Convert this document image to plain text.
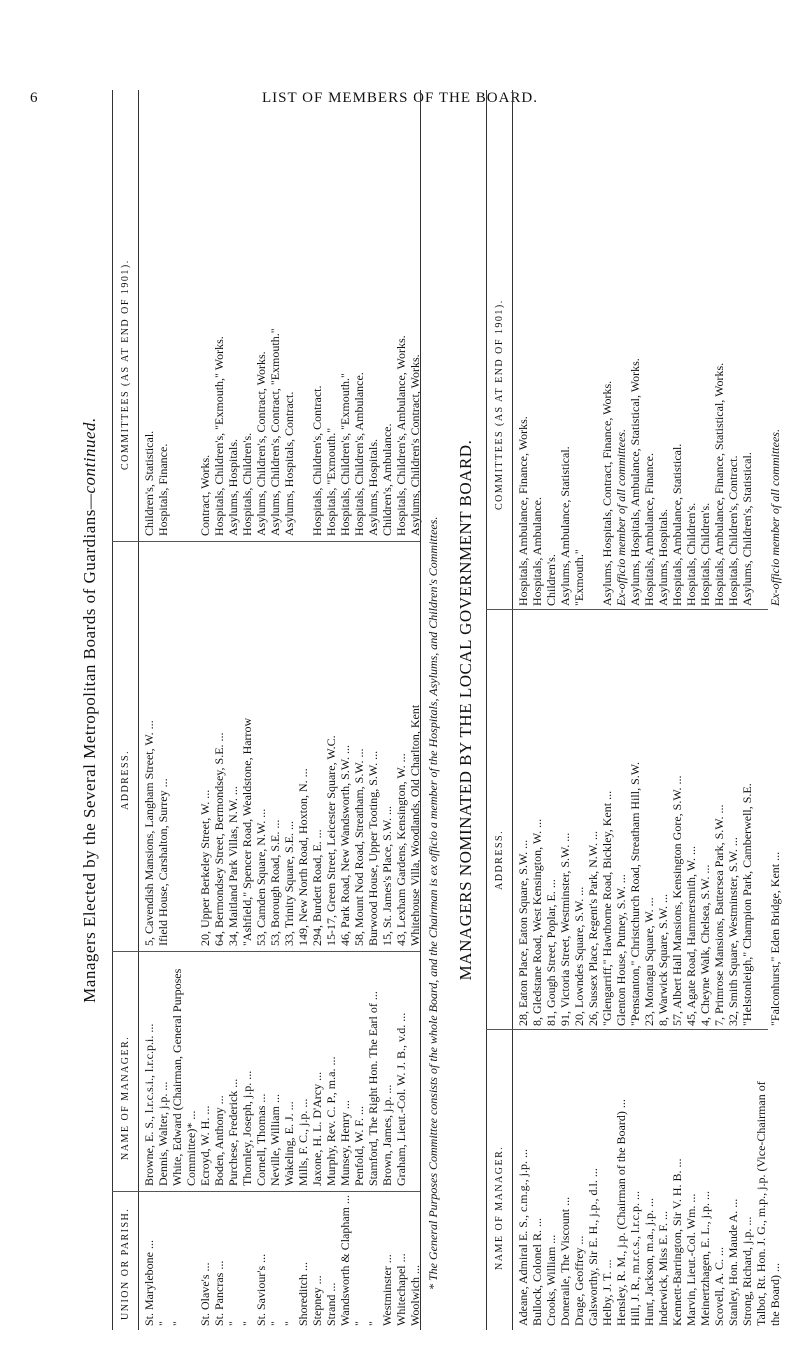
6	LIST OF MEMBERS OF THE BOARD.
Managers Elected by the Several Metropolitan Boards of Guardians—continued.
UNION OR PARISH.
NAME OF MANAGER.
ADDRESS.
COMMITTEES (AS AT END OF 1901).
St. Marylebone ...
Browne, E. S., l.r.c.s.i., l.r.c.p.i. ...
5, Cavendish Mansions, Langham Street, W. ...
Children's, Statistical.
"
Dennis, Walter, j.p. ...
Ifield House, Carshalton, Surrey ...
Hospitals, Finance.
"
White, Edward (Chairman, General Purposes Committee)* ...
St. Olave's ...
Ecroyd, W. H. ...
20, Upper Berkeley Street, W. ...
Contract, Works.
St. Pancras ...
Boden, Anthony ...
64, Bermondsey Street, Bermondsey, S.E. ...
Hospitals, Children's, "Exmouth," Works.
"
Purchese, Frederick ...
34, Maitland Park Villas, N.W. ...
Asylums, Hospitals.
"
Thornley, Joseph, j.p. ...
"Ashfield," Spencer Road, Wealdstone, Harrow
Hospitals, Children's.
St. Saviour's ...
Cornell, Thomas ...
53, Camden Square, N.W. ...
Asylums, Children's, Contract, Works.
"
Neville, William ...
53, Borough Road, S.E. ...
Asylums, Children's, Contract, "Exmouth."
"
Wakeling, E. J. ...
33, Trinity Square, S.E. ...
Asylums, Hospitals, Contract.
Shoreditch ...
Mills, F. C., j.p. ...
149, New North Road, Hoxton, N. ...
Stepney ...
Jaxone, H. L. D'Arcy ...
294, Burdett Road, E. ...
Hospitals, Children's, Contract.
Strand ...
Murphy, Rev. C. P., m.a. ...
15-17, Green Street, Leicester Square, W.C.
Hospitals, "Exmouth."
Wandsworth & Clapham ...
Munsey, Henry ...
46, Park Road, New Wandsworth, S.W. ...
Hospitals, Children's, "Exmouth."
"
Penfold, W. F. ...
58, Mount Nod Road, Streatham, S.W. ...
Hospitals, Children's, Ambulance.
"
Stamford, The Right Hon. The Earl of ...
Burwood House, Upper Tooting, S.W. ...
Asylums, Hospitals.
Westminster ...
Brown, James, j.p. ...
15, St. James's Place, S.W. ...
Children's, Ambulance.
Whitechapel ...
Graham, Lieut.-Col. W. J. B., v.d. ...
43, Lexham Gardens, Kensington, W. ...
Hospitals, Children's, Ambulance, Works.
Woolwich ...
Whitehouse Villa, Woodlands, Old Charlton, Kent
Asylums, Children's Contract, Works.
* The General Purposes Committee consists of the whole Board, and the Chairman is ex officio a member of the Hospitals, Asylums, and Children's Committees. MANAGERS NOMINATED BY THE LOCAL GOVERNMENT BOARD.
NAME OF MANAGER.
ADDRESS.
COMMITTEES (AS AT END OF 1901).
Adeane, Admiral E. S., c.m.g., j.p. ...
28, Eaton Place, Eaton Square, S.W. ...
Hospitals, Ambulance, Finance, Works.
Bullock, Colonel R. ...
8, Gledstane Road, West Kensington, W. ...
Hospitals, Ambulance.
Crooks, William ...
81, Gough Street, Poplar, E. ...
Children's.
Doneraile, The Viscount ...
91, Victoria Street, Westminster, S.W. ...
Asylums, Ambulance, Statistical.
Drage, Geoffrey ...
20, Lowndes Square, S.W. ...
"Exmouth."
Galsworthy, Sir E. H., j.p., d.l. ...
26, Sussex Place, Regent's Park, N.W. ...
Helby, J. T. ...
"Glengarriff," Hawthorne Road, Bickley, Kent ...
Asylums, Hospitals, Contract, Finance, Works.
Hensley, R. M., j.p. (Chairman of the Board) ...
Glenton House, Putney, S.W. ...
Ex-officio member of all committees.
Hill, J. R., m.r.c.s., l.r.c.p. ...
"Penstanton," Christchurch Road, Streatham Hill, S.W.
Asylums, Hospitals, Ambulance, Statistical, Works.
Hunt, Jackson, m.a., j.p. ...
23, Montagu Square, W. ...
Hospitals, Ambulance, Finance.
Inderwick, Miss E. F. ...
8, Warwick Square, S.W. ...
Asylums, Hospitals.
Kennett-Barrington, Sir V. H. B. ...
57, Albert Hall Mansions, Kensington Gore, S.W. ...
Hospitals, Ambulance, Statistical.
Marvin, Lieut.-Col. Wm. ...
45, Agate Road, Hammersmith, W. ...
Hospitals, Children's.
Meinertzhagen, E. L., j.p. ...
4, Cheyne Walk, Chelsea, S.W. ...
Hospitals, Children's.
Scovell, A. C. ...
7, Primrose Mansions, Battersea Park, S.W. ...
Hospitals, Ambulance, Finance, Statistical, Works.
Stanley, Hon. Maude A. ...
32, Smith Square, Westminster, S.W. ...
Hospitals, Children's, Contract.
Strong, Richard, j.p. ...
"Helstonleigh," Champion Park, Camberwell, S.E.
Asylums, Children's, Statistical.
Talbot, Rt. Hon. J. G., m.p., j.p. (Vice-Chairman of the Board) ...
"Falconhurst," Eden Bridge, Kent ...
Ex-officio member of all committees.
